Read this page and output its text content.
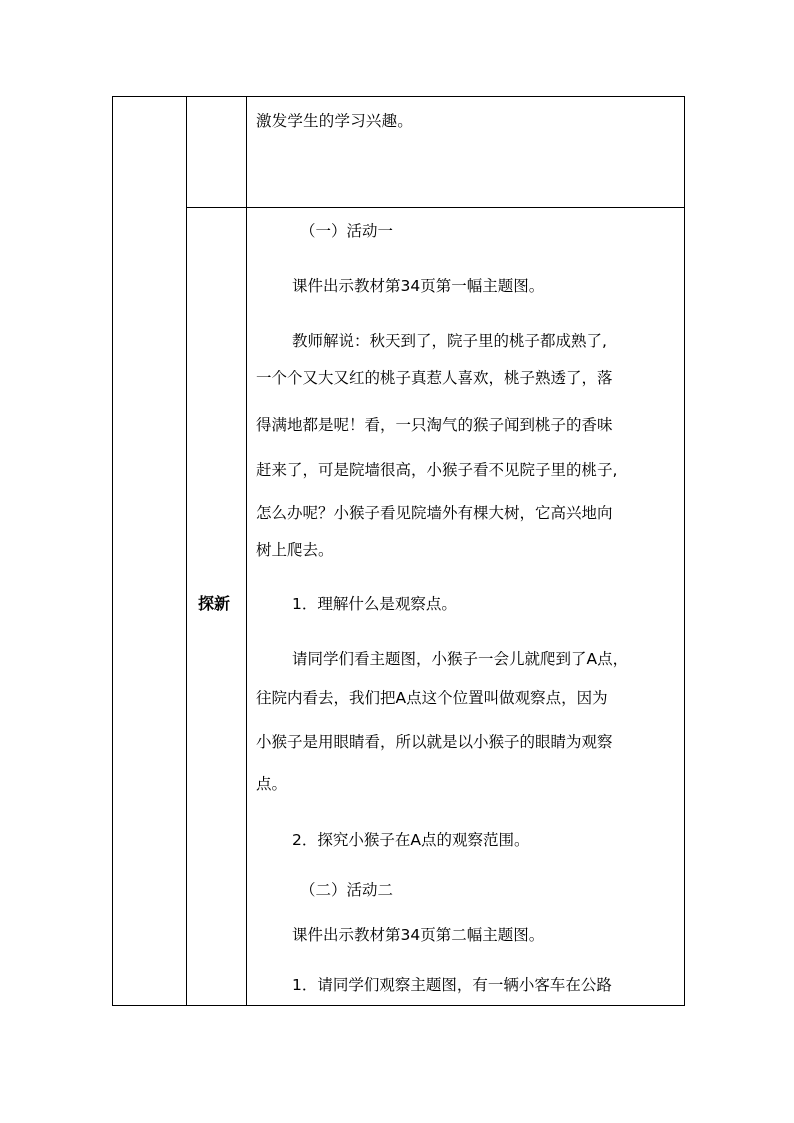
激发学生的学习兴趣。
探新

（一）活动一

课件出示教材第34页第一幅主题图。

教师解说：秋天到了，院子里的桃子都成熟了,

一个个又大又红的桃子真惹人喜欢，桃子熟透了，落

得满地都是呢！看，一只淘气的猴子闻到桃子的香味

赶来了，可是院墙很高，小猴子看不见院子里的桃子,

怎么办呢？小猴子看见院墙外有棵大树，它高兴地向

树上爬去。

1．理解什么是观察点。

请同学们看主题图，小猴子一会儿就爬到了A点，

往院内看去，我们把A点这个位置叫做观察点，因为

小猴子是用眼睛看，所以就是以小猴子的眼睛为观察

点。

2．探究小猴子在A点的观察范围。

（二）活动二

课件出示教材第34页第二幅主题图。

1．请同学们观察主题图，有一辆小客车在公路
